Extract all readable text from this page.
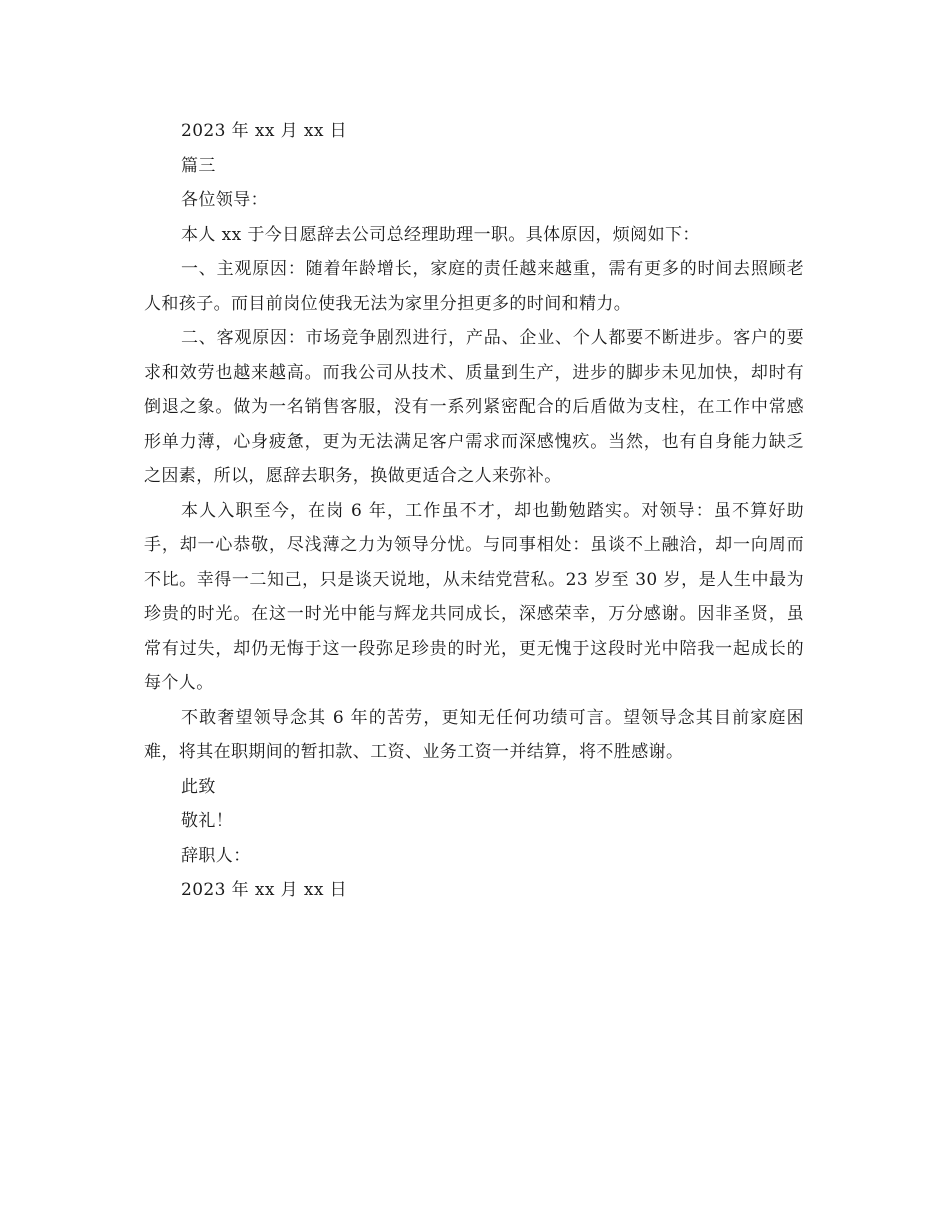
2023 年 xx 月 xx 日

篇三

各位领导：

本人 xx 于今日愿辞去公司总经理助理一职。具体原因，烦阅如下：

一、主观原因：随着年龄增长，家庭的责任越来越重，需有更多的时间去照顾老人和孩子。而目前岗位使我无法为家里分担更多的时间和精力。

二、客观原因：市场竞争剧烈进行，产品、企业、个人都要不断进步。客户的要求和效劳也越来越高。而我公司从技术、质量到生产，进步的脚步未见加快，却时有倒退之象。做为一名销售客服，没有一系列紧密配合的后盾做为支柱，在工作中常感形单力薄，心身疲惫，更为无法满足客户需求而深感愧疚。当然，也有自身能力缺乏之因素，所以，愿辞去职务，换做更适合之人来弥补。

本人入职至今，在岗 6 年，工作虽不才，却也勤勉踏实。对领导：虽不算好助手，却一心恭敬，尽浅薄之力为领导分忧。与同事相处：虽谈不上融洽，却一向周而不比。幸得一二知己，只是谈天说地，从未结党营私。23 岁至 30 岁，是人生中最为珍贵的时光。在这一时光中能与辉龙共同成长，深感荣幸，万分感谢。因非圣贤，虽常有过失，却仍无悔于这一段弥足珍贵的时光，更无愧于这段时光中陪我一起成长的每个人。

不敢奢望领导念其 6 年的苦劳，更知无任何功绩可言。望领导念其目前家庭困难，将其在职期间的暂扣款、工资、业务工资一并结算，将不胜感谢。

此致

敬礼！

辞职人：

2023 年 xx 月 xx 日
